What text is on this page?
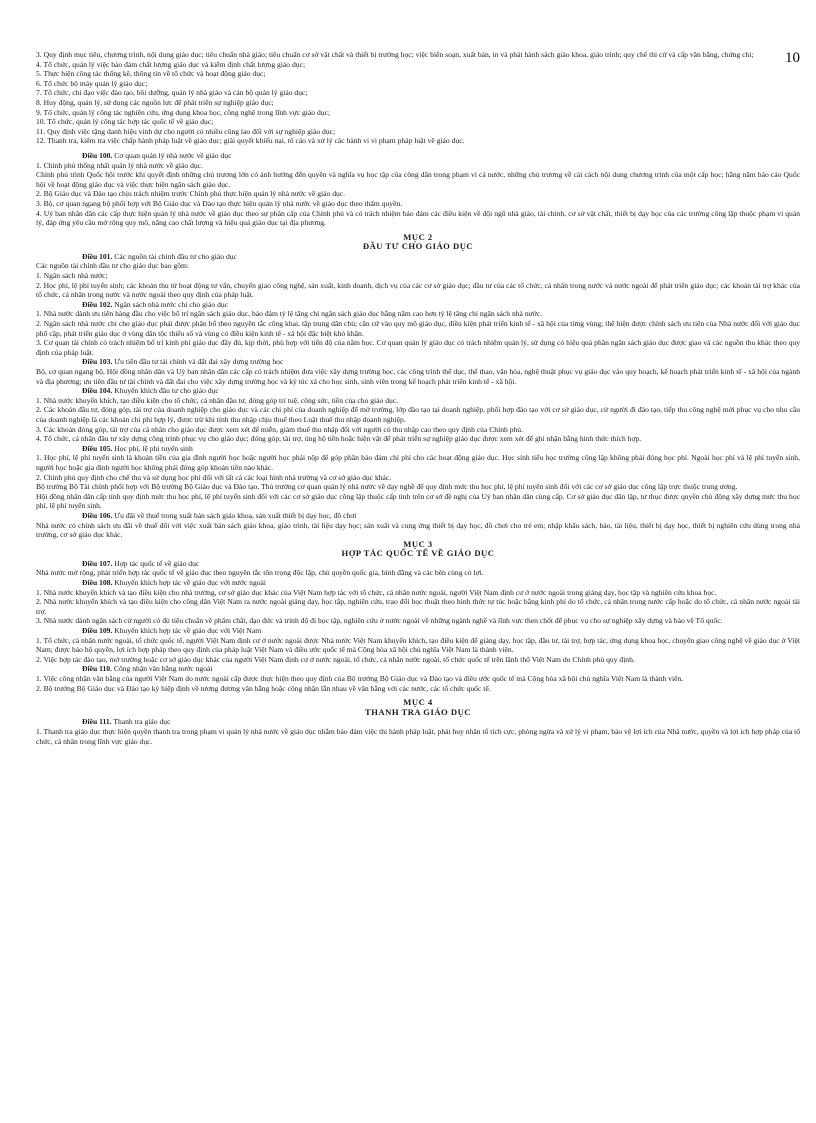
10

3. Quy định mục tiêu, chương trình, nội dung giáo dục; tiêu chuẩn nhà giáo; tiêu chuẩn cơ sở vật chất và thiết bị trường học; việc biên soạn, xuất bản, in và phát hành sách giáo khoa, giáo trình; quy chế thi cử và cấp văn bằng, chứng chỉ;

4. Tổ chức, quản lý việc bảo đảm chất lượng giáo dục và kiểm định chất lượng giáo dục;

5. Thực hiện công tác thống kê, thông tin về tổ chức và hoạt động giáo dục;

6. Tổ chức bộ máy quản lý giáo dục;

7. Tổ chức, chỉ đạo việc đào tạo, bồi dưỡng, quản lý nhà giáo và cán bộ quản lý giáo dục;

8. Huy động, quản lý, sử dụng các nguồn lực để phát triển sự nghiệp giáo dục;

9. Tổ chức, quản lý công tác nghiên cứu, ứng dụng khoa học, công nghệ trong lĩnh vực giáo dục;

10. Tổ chức, quản lý công tác hợp tác quốc tế về giáo dục;

11. Quy định việc tặng danh hiệu vinh dự cho người có nhiều công lao đối với sự nghiệp giáo dục;

12. Thanh tra, kiểm tra việc chấp hành pháp luật về giáo dục; giải quyết khiếu nại, tố cáo và xử lý các hành vi vi phạm pháp luật về giáo dục.

Điều 100. Cơ quan quản lý nhà nước về giáo dục

1. Chính phủ thống nhất quản lý nhà nước về giáo dục.

Chính phủ trình Quốc hội trước khi quyết định những chủ trương lớn có ảnh hưởng đến quyền và nghĩa vụ học tập của công dân trong phạm vi cả nước, những chủ trương về cải cách nội dung chương trình của một cấp học; hằng năm báo cáo Quốc hội về hoạt động giáo dục và việc thực hiện ngân sách giáo dục.

2. Bộ Giáo dục và Đào tạo chịu trách nhiệm trước Chính phủ thực hiện quản lý nhà nước về giáo dục.

3. Bộ, cơ quan ngang bộ phối hợp với Bộ Giáo dục và Đào tạo thực hiện quản lý nhà nước về giáo dục theo thẩm quyền.

4. Uỷ ban nhân dân các cấp thực hiện quản lý nhà nước về giáo dục theo sự phân cấp của Chính phủ và có trách nhiệm bảo đảm các điều kiện về đội ngũ nhà giáo, tài chính, cơ sở vật chất, thiết bị dạy học của các trường công lập thuộc phạm vi quản lý, đáp ứng yêu cầu mở rộng quy mô, nâng cao chất lượng và hiệu quả giáo dục tại địa phương.

MỤC 2

ĐẦU TƯ CHO GIÁO DỤC

Điều 101. Các nguồn tài chính đầu tư cho giáo dục

Các nguồn tài chính đầu tư cho giáo dục bao gồm:

1. Ngân sách nhà nước;

2. Học phí, lệ phí tuyển sinh; các khoản thu từ hoạt động tư vấn, chuyển giao công nghệ, sản xuất, kinh doanh, dịch vụ của các cơ sở giáo dục; đầu tư của các tổ chức, cá nhân trong nước và nước ngoài để phát triển giáo dục; các khoản tài trợ khác của tổ chức, cá nhân trong nước và nước ngoài theo quy định của pháp luật.

Điều 102. Ngân sách nhà nước chi cho giáo dục

1. Nhà nước dành ưu tiên hàng đầu cho việc bố trí ngân sách giáo dục, bảo đảm tỷ lệ tăng chi ngân sách giáo dục hằng năm cao hơn tỷ lệ tăng chi ngân sách nhà nước.

2. Ngân sách nhà nước chi cho giáo dục phải được phân bổ theo nguyên tắc công khai, tập trung dân chủ; căn cứ vào quy mô giáo dục, điều kiện phát triển kinh tế - xã hội của từng vùng; thể hiện được chính sách ưu tiên của Nhà nước đối với giáo dục phổ cập, phát triển giáo dục ở vùng dân tộc thiểu số và vùng có điều kiện kinh tế - xã hội đặc biệt khó khăn.

3. Cơ quan tài chính có trách nhiệm bố trí kinh phí giáo dục đầy đủ, kịp thời, phù hợp với tiến độ của năm học. Cơ quan quản lý giáo dục có trách nhiệm quản lý, sử dụng có hiệu quả phần ngân sách giáo dục được giao và các nguồn thu khác theo quy định của pháp luật.

Điều 103. Ưu tiên đầu tư tài chính và đất đai xây dựng trường học

Bộ, cơ quan ngang bộ, Hội đồng nhân dân và Uỷ ban nhân dân các cấp có trách nhiệm đưa việc xây dựng trường học, các công trình thể dục, thể thao, văn hóa, nghệ thuật phục vụ giáo dục vào quy hoạch, kế hoạch phát triển kinh tế - xã hội của ngành và địa phương; ưu tiên đầu tư tài chính và đất đai cho việc xây dựng trường học và ký túc xá cho học sinh, sinh viên trong kế hoạch phát triển kinh tế - xã hội.

Điều 104. Khuyến khích đầu tư cho giáo dục

1. Nhà nước khuyến khích, tạo điều kiện cho tổ chức, cá nhân đầu tư, đóng góp trí tuệ, công sức, tiền của cho giáo dục.

2. Các khoản đầu tư, đóng góp, tài trợ của doanh nghiệp cho giáo dục và các chi phí của doanh nghiệp để mở trường, lớp đào tạo tại doanh nghiệp, phối hợp đào tạo với cơ sở giáo dục, cử người đi đào tạo, tiếp thu công nghệ mới phục vụ cho nhu cầu của doanh nghiệp là các khoản chi phí hợp lý, được trừ khi tính thu nhập chịu thuế theo Luật thuế thu nhập doanh nghiệp.

3. Các khoản đóng góp, tài trợ của cá nhân cho giáo dục được xem xét để miễn, giảm thuế thu nhập đối với người có thu nhập cao theo quy định của Chính phủ.

4. Tổ chức, cá nhân đầu tư xây dựng công trình phục vụ cho giáo dục; đóng góp, tài trợ, ủng hộ tiền hoặc hiện vật để phát triển sự nghiệp giáo dục được xem xét để ghi nhận bằng hình thức thích hợp.

Điều 105. Học phí, lệ phí tuyển sinh

1. Học phí, lệ phí tuyển sinh là khoản tiền của gia đình người học hoặc người học phải nộp để góp phần bảo đảm chi phí cho các hoạt động giáo dục. Học sinh tiểu học trường công lập không phải đóng học phí. Ngoài học phí và lệ phí tuyển sinh, người học hoặc gia đình người học không phải đóng góp khoản tiền nào khác.

2. Chính phủ quy định cho chế thu và sử dụng học phí đối với tất cả các loại hình nhà trường và cơ sở giáo dục khác.

Bộ trưởng Bộ Tài chính phối hợp với Bộ trưởng Bộ Giáo dục và Đào tạo, Thủ trưởng cơ quan quản lý nhà nước về dạy nghề để quy định mức thu học phí, lệ phí tuyển sinh đối với các cơ sở giáo dục công lập trực thuộc trung ương.

Hội đồng nhân dân cấp tỉnh quy định mức thu học phí, lệ phí tuyển sinh đối với các cơ sở giáo dục công lập thuộc cấp tỉnh trên cơ sở đề nghị của Uỷ ban nhân dân cùng cấp. Cơ sở giáo dục dân lập, tư thục được quyền chủ động xây dựng mức thu học phí, lệ phí tuyển sinh.

Điều 106. Ưu đãi về thuế trong xuất bản sách giáo khoa, sản xuất thiết bị dạy học, đồ chơi

Nhà nước có chính sách ưu đãi về thuế đối với việc xuất bản sách giáo khoa, giáo trình, tài liệu dạy học; sản xuất và cung ứng thiết bị dạy học, đồ chơi cho trẻ em; nhập khẩu sách, báo, tài liệu, thiết bị dạy học, thiết bị nghiên cứu dùng trong nhà trường, cơ sở giáo dục khác.

MỤC 3

HỢP TÁC QUỐC TẾ VỀ GIÁO DỤC

Điều 107. Hợp tác quốc tế về giáo dục

Nhà nước mở rộng, phát triển hợp tác quốc tế về giáo dục theo nguyên tắc tôn trọng độc lập, chủ quyền quốc gia, bình đẳng và các bên cùng có lợi.

Điều 108. Khuyến khích hợp tác về giáo dục với nước ngoài

1. Nhà nước khuyến khích và tạo điều kiện cho nhà trường, cơ sở giáo dục khác của Việt Nam hợp tác với tổ chức, cá nhân nước ngoài, người Việt Nam định cư ở nước ngoài trong giảng dạy, học tập và nghiên cứu khoa học.

2. Nhà nước khuyến khích và tạo điều kiện cho công dân Việt Nam ra nước ngoài giảng dạy, học tập, nghiên cứu, trao đổi học thuật theo hình thức tự túc hoặc bằng kinh phí do tổ chức, cá nhân trong nước cấp hoặc do tổ chức, cá nhân nước ngoài tài trợ.

3. Nhà nước dành ngân sách cử người có đủ tiêu chuẩn về phẩm chất, đạo đức và trình độ đi học tập, nghiên cứu ở nước ngoài về những ngành nghề và lĩnh vực then chốt để phục vụ cho sự nghiệp xây dựng và bảo vệ Tổ quốc.

Điều 109. Khuyến khích hợp tác về giáo dục với Việt Nam

1. Tổ chức, cá nhân nước ngoài, tổ chức quốc tế, người Việt Nam định cư ở nước ngoài được Nhà nước Việt Nam khuyến khích, tạo điều kiện để giảng dạy, học tập, đầu tư, tài trợ, hợp tác, ứng dụng khoa học, chuyển giao công nghệ về giáo dục ở Việt Nam; được bảo hộ quyền, lợi ích hợp pháp theo quy định của pháp luật Việt Nam và điều ước quốc tế mà Cộng hòa xã hội chủ nghĩa Việt Nam là thành viên.

2. Việc hợp tác đào tạo, mở trường hoặc cơ sở giáo dục khác của người Việt Nam định cư ở nước ngoài, tổ chức, cá nhân nước ngoài, tổ chức quốc tế trên lãnh thổ Việt Nam do Chính phủ quy định.

Điều 110. Công nhận văn bằng nước ngoài

1. Việc công nhận văn bằng của người Việt Nam do nước ngoài cấp được thực hiện theo quy định của Bộ trưởng Bộ Giáo dục và Đào tạo và điều ước quốc tế mà Cộng hòa xã hội chủ nghĩa Việt Nam là thành viên.

2. Bộ trưởng Bộ Giáo dục và Đào tạo ký hiệp định về tương đương văn bằng hoặc công nhận lẫn nhau về văn bằng với các nước, các tổ chức quốc tế.

MỤC 4

THANH TRA GIÁO DỤC

Điều 111. Thanh tra giáo dục

1. Thanh tra giáo dục thực hiện quyền thanh tra trong phạm vi quản lý nhà nước về giáo dục nhằm bảo đảm việc thi hành pháp luật, phát huy nhân tố tích cực, phòng ngừa và xử lý vi phạm, bảo vệ lợi ích của Nhà nước, quyền và lợi ích hợp pháp của tổ chức, cá nhân trong lĩnh vực giáo dục.
